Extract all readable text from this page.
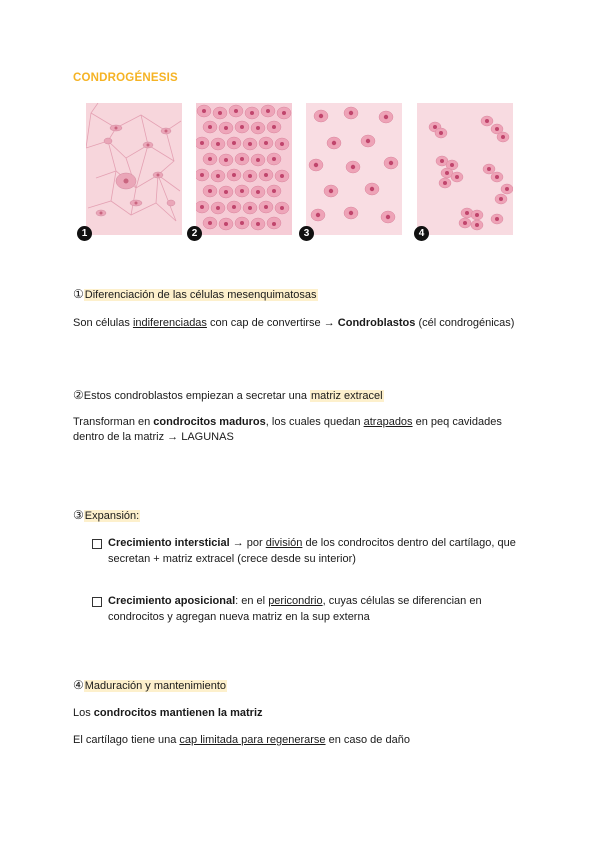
CONDROGÉNESIS
1	2	3	4
①Diferenciación de las células mesenquimatosas
Son células indiferenciadas con cap de convertirse → Condroblastos (cél condrogénicas)
②Estos condroblastos empiezan a secretar una matriz extracel
Transforman en condrocitos maduros, los cuales quedan atrapados en peq cavidades
dentro de la matriz → LAGUNAS
③Expansión:
Crecimiento intersticial → por división de los condrocitos dentro del cartílago, que
secretan + matriz extracel (crece desde su interior)
Crecimiento aposicional: en el pericondrio, cuyas células se diferencian en
condrocitos y agregan nueva matriz en la sup externa
④Maduración y mantenimiento
Los condrocitos mantienen la matriz
El cartílago tiene una cap limitada para regenerarse en caso de daño
